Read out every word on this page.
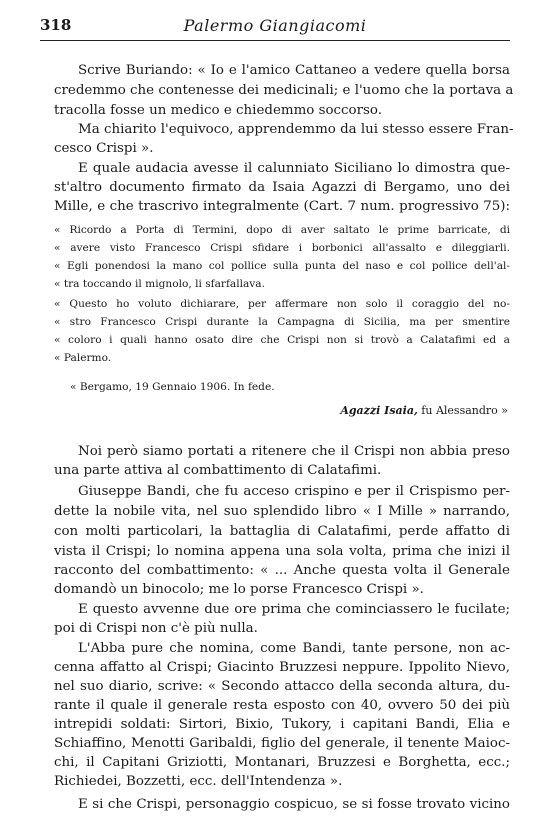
318	Palermo Giangiacomi
Scrive Buriando: « Io e l'amico Cattaneo a vedere quella borsa
credemmo che contenesse dei medicinali; e l'uomo che la portava a
tracolla fosse un medico e chiedemmo soccorso.
Ma chiarito l'equivoco, apprendemmo da lui stesso essere Fran-
cesco Crispi ».
E quale audacia avesse il calunniato Siciliano lo dimostra que-
st'altro documento firmato da Isaia Agazzi di Bergamo, uno dei
Mille, e che trascrivo integralmente (Cart. 7 num. progressivo 75):
« Ricordo a Porta di Termini, dopo di aver saltato le prime barricate, di
« avere visto Francesco Crispi sfidare i borbonici all'assalto e dileggiarli.
« Egli ponendosi la mano col pollice sulla punta del naso e col pollice dell'al-
« tra toccando il mignolo, li sfarfallava.
« Questo ho voluto dichiarare, per affermare non solo il coraggio del no-
« stro Francesco Crispi durante la Campagna di Sicilia, ma per smentire
« coloro i quali hanno osato dire che Crispi non si trovò a Calatafimi ed a
« Palermo.
« Bergamo, 19 Gennaio 1906. In fede.
Agazzi Isaia, fu Alessandro »
Noi però siamo portati a ritenere che il Crispi non abbia preso
una parte attiva al combattimento di Calatafimi.
Giuseppe Bandi, che fu acceso crispino e per il Crispismo per-
dette la nobile vita, nel suo splendido libro « I Mille » narrando,
con molti particolari, la battaglia di Calatafimi, perde affatto di
vista il Crispi; lo nomina appena una sola volta, prima che inizi il
racconto del combattimento: « ... Anche questa volta il Generale
domandò un binocolo; me lo porse Francesco Crispi ».
E questo avvenne due ore prima che cominciassero le fucilate;
poi di Crispi non c'è più nulla.
L'Abba pure che nomina, come Bandi, tante persone, non ac-
cenna affatto al Crispi; Giacinto Bruzzesi neppure. Ippolito Nievo,
nel suo diario, scrive: « Secondo attacco della seconda altura, du-
rante il quale il generale resta esposto con 40, ovvero 50 dei più
intrepidi soldati: Sirtori, Bixio, Tukory, i capitani Bandi, Elia e
Schiaffino, Menotti Garibaldi, figlio del generale, il tenente Maioc-
chi, il Capitani Griziotti, Montanari, Bruzzesi e Borghetta, ecc.;
Richiedei, Bozzetti, ecc. dell'Intendenza ».
E si che Crispi, personaggio cospicuo, se si fosse trovato vicino
